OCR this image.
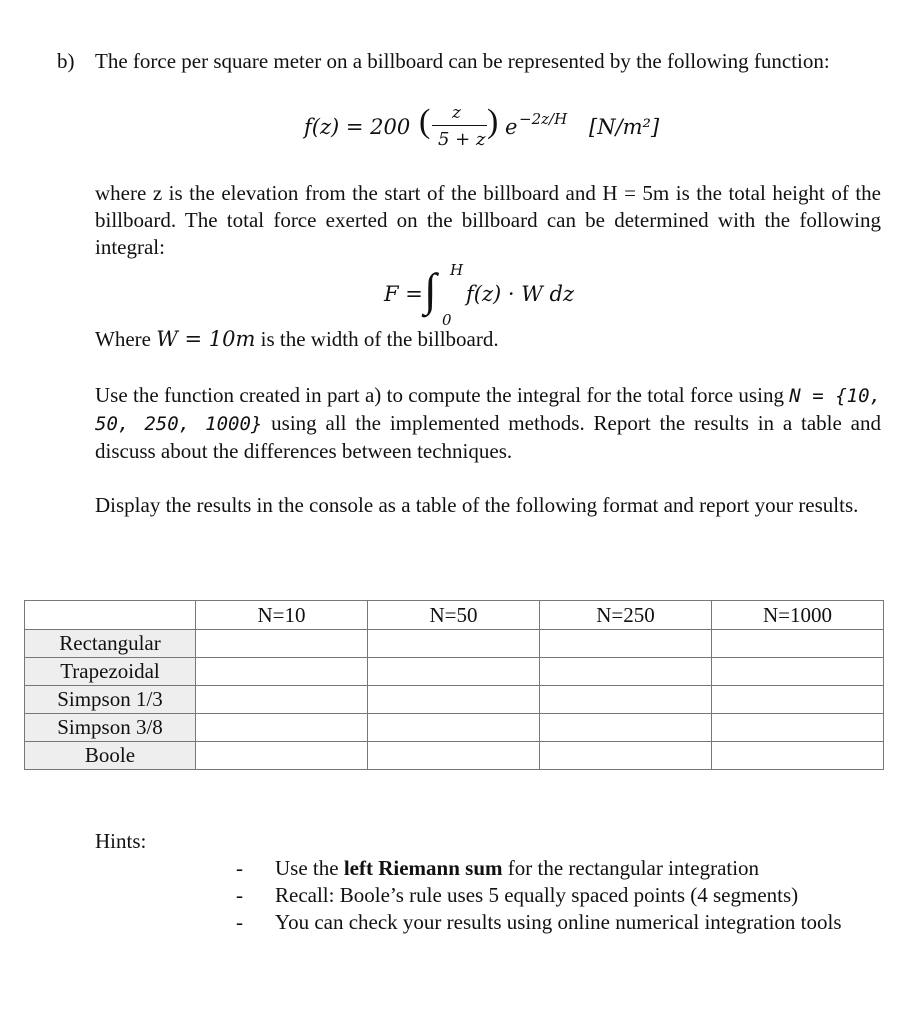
b) The force per square meter on a billboard can be represented by the following function:
f(z) = 200 ( z
5 + z ) e −2z/H [N/m²]
where z is the elevation from the start of the billboard and H = 5m is the total height of the billboard. The total force exerted on the billboard can be determined with the following integral:
F = ∫ H
0
f(z) · W dz
Where W = 10m is the width of the billboard.
Use the function created in part a) to compute the integral for the total force using N = {10, 50, 250, 1000} using all the implemented methods. Report the results in a table and discuss about the differences between techniques.
Display the results in the console as a table of the following format and report your results.
	N=10	N=50	N=250	N=1000
Rectangular				
Trapezoidal				
Simpson 1/3				
Simpson 3/8				
Boole				
Hints:
- Use the left Riemann sum for the rectangular integration
- Recall: Boole’s rule uses 5 equally spaced points (4 segments)
- You can check your results using online numerical integration tools
